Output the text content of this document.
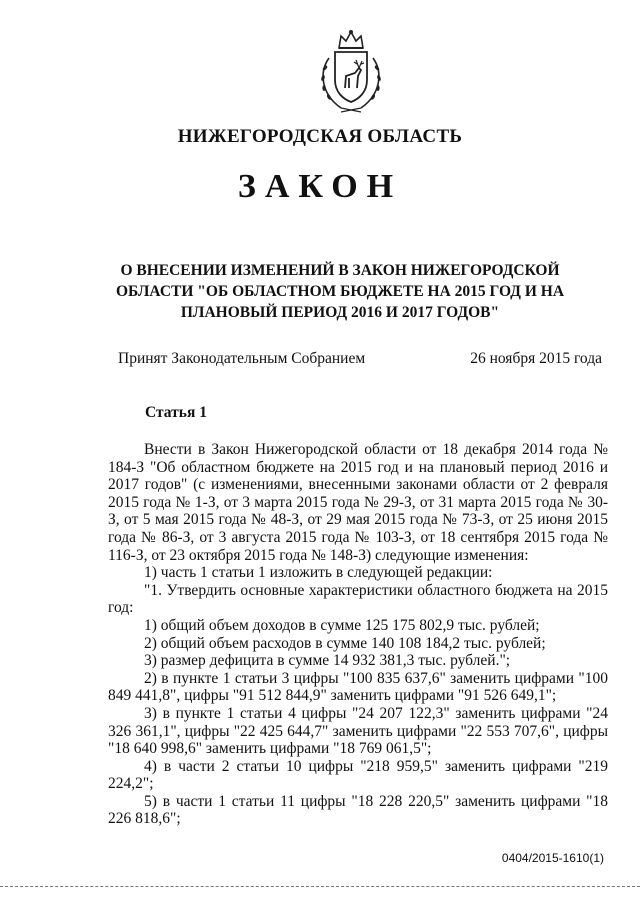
НИЖЕГОРОДСКАЯ ОБЛАСТЬ
ЗАКОН
О ВНЕСЕНИИ ИЗМЕНЕНИЙ В ЗАКОН НИЖЕГОРОДСКОЙ ОБЛАСТИ "ОБ ОБЛАСТНОМ БЮДЖЕТЕ НА 2015 ГОД И НА ПЛАНОВЫЙ ПЕРИОД 2016 И 2017 ГОДОВ"
Принят Законодательным Собранием	26 ноября 2015 года
Статья 1

Внести в Закон Нижегородской области от 18 декабря 2014 года № 184-З "Об областном бюджете на 2015 год и на плановый период 2016 и 2017 годов" (с изменениями, внесенными законами области от 2 февраля 2015 года № 1-З, от 3 марта 2015 года № 29-З, от 31 марта 2015 года № 30-З, от 5 мая 2015 года № 48-З, от 29 мая 2015 года № 73-З, от 25 июня 2015 года № 86-З, от 3 августа 2015 года № 103-З, от 18 сентября 2015 года № 116-З, от 23 октября 2015 года № 148-З) следующие изменения:

1) часть 1 статьи 1 изложить в следующей редакции:

"1. Утвердить основные характеристики областного бюджета на 2015 год:

1) общий объем доходов в сумме 125 175 802,9 тыс. рублей;

2) общий объем расходов в сумме 140 108 184,2 тыс. рублей;

3) размер дефицита в сумме 14 932 381,3 тыс. рублей.";

2) в пункте 1 статьи 3 цифры "100 835 637,6" заменить цифрами "100 849 441,8", цифры "91 512 844,9" заменить цифрами "91 526 649,1";

3) в пункте 1 статьи 4 цифры "24 207 122,3" заменить цифрами "24 326 361,1", цифры "22 425 644,7" заменить цифрами "22 553 707,6", цифры "18 640 998,6" заменить цифрами "18 769 061,5";

4) в части 2 статьи 10 цифры "218 959,5" заменить цифрами "219 224,2";

5) в части 1 статьи 11 цифры "18 228 220,5" заменить цифрами "18 226 818,6";

0404/2015-1610(1)
